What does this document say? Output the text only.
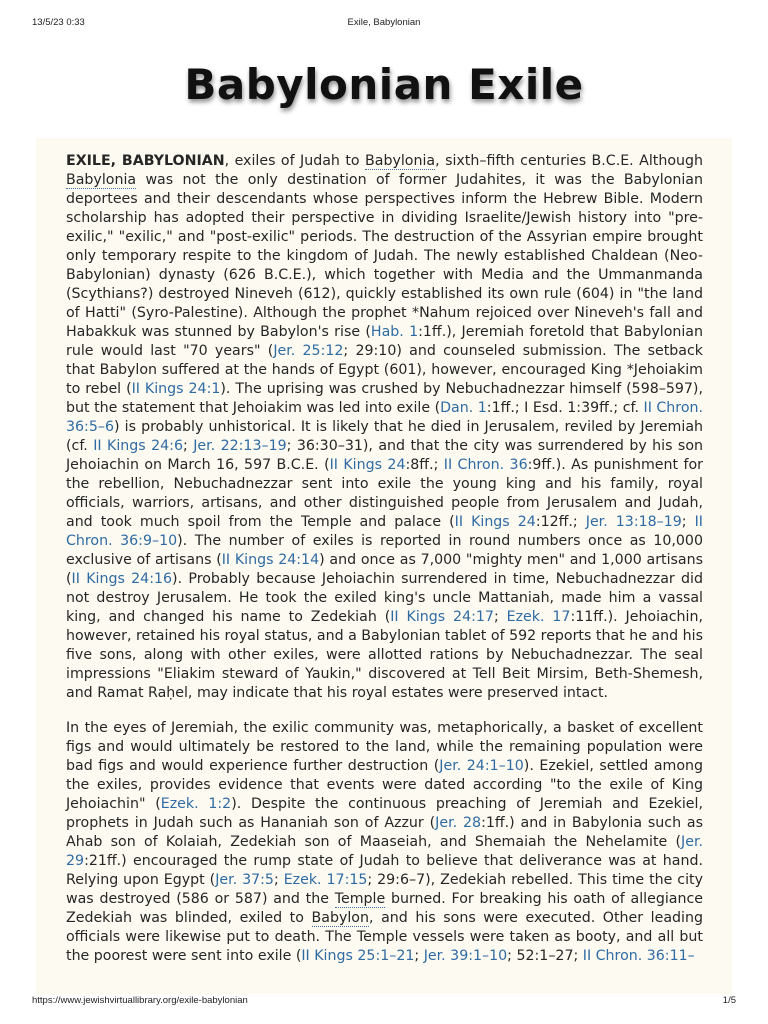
13/5/23 0:33	Exile, Babylonian
Babylonian Exile

EXILE, BABYLONIAN, exiles of Judah to Babylonia, sixth–fifth centuries B.C.E. Although Babylonia was not the only destination of former Judahites, it was the Babylonian deportees and their descendants whose perspectives inform the Hebrew Bible. Modern scholarship has adopted their perspective in dividing Israelite/Jewish history into "pre-exilic," "exilic," and "post-exilic" periods. The destruction of the Assyrian empire brought only temporary respite to the kingdom of Judah. The newly established Chaldean (Neo-Babylonian) dynasty (626 B.C.E.), which together with Media and the Ummanmanda (Scythians?) destroyed Nineveh (612), quickly established its own rule (604) in "the land of Hatti" (Syro-Palestine). Although the prophet *Nahum rejoiced over Nineveh's fall and Habakkuk was stunned by Babylon's rise (Hab. 1:1ff.), Jeremiah foretold that Babylonian rule would last "70 years" (Jer. 25:12; 29:10) and counseled submission. The setback that Babylon suffered at the hands of Egypt (601), however, encouraged King *Jehoiakim to rebel (II Kings 24:1). The uprising was crushed by Nebuchadnezzar himself (598–597), but the statement that Jehoiakim was led into exile (Dan. 1:1ff.; I Esd. 1:39ff.; cf. II Chron. 36:5–6) is probably unhistorical. It is likely that he died in Jerusalem, reviled by Jeremiah (cf. II Kings 24:6; Jer. 22:13–19; 36:30–31), and that the city was surrendered by his son Jehoiachin on March 16, 597 B.C.E. (II Kings 24:8ff.; II Chron. 36:9ff.). As punishment for the rebellion, Nebuchadnezzar sent into exile the young king and his family, royal officials, warriors, artisans, and other distinguished people from Jerusalem and Judah, and took much spoil from the Temple and palace (II Kings 24:12ff.; Jer. 13:18–19; II Chron. 36:9–10). The number of exiles is reported in round numbers once as 10,000 exclusive of artisans (II Kings 24:14) and once as 7,000 "mighty men" and 1,000 artisans (II Kings 24:16). Probably because Jehoiachin surrendered in time, Nebuchadnezzar did not destroy Jerusalem. He took the exiled king's uncle Mattaniah, made him a vassal king, and changed his name to Zedekiah (II Kings 24:17; Ezek. 17:11ff.). Jehoiachin, however, retained his royal status, and a Babylonian tablet of 592 reports that he and his five sons, along with other exiles, were allotted rations by Nebuchadnezzar. The seal impressions "Eliakim steward of Yaukin," discovered at Tell Beit Mirsim, Beth-Shemesh, and Ramat Raḥel, may indicate that his royal estates were preserved intact.

In the eyes of Jeremiah, the exilic community was, metaphorically, a basket of excellent figs and would ultimately be restored to the land, while the remaining population were bad figs and would experience further destruction (Jer. 24:1–10). Ezekiel, settled among the exiles, provides evidence that events were dated according "to the exile of King Jehoiachin" (Ezek. 1:2). Despite the continuous preaching of Jeremiah and Ezekiel, prophets in Judah such as Hananiah son of Azzur (Jer. 28:1ff.) and in Babylonia such as Ahab son of Kolaiah, Zedekiah son of Maaseiah, and Shemaiah the Nehelamite (Jer. 29:21ff.) encouraged the rump state of Judah to believe that deliverance was at hand. Relying upon Egypt (Jer. 37:5; Ezek. 17:15; 29:6–7), Zedekiah rebelled. This time the city was destroyed (586 or 587) and the Temple burned. For breaking his oath of allegiance Zedekiah was blinded, exiled to Babylon, and his sons were executed. Other leading officials were likewise put to death. The Temple vessels were taken as booty, and all but the poorest were sent into exile (II Kings 25:1–21; Jer. 39:1–10; 52:1–27; II Chron. 36:11–

https://www.jewishvirtuallibrary.org/exile-babylonian	1/5
